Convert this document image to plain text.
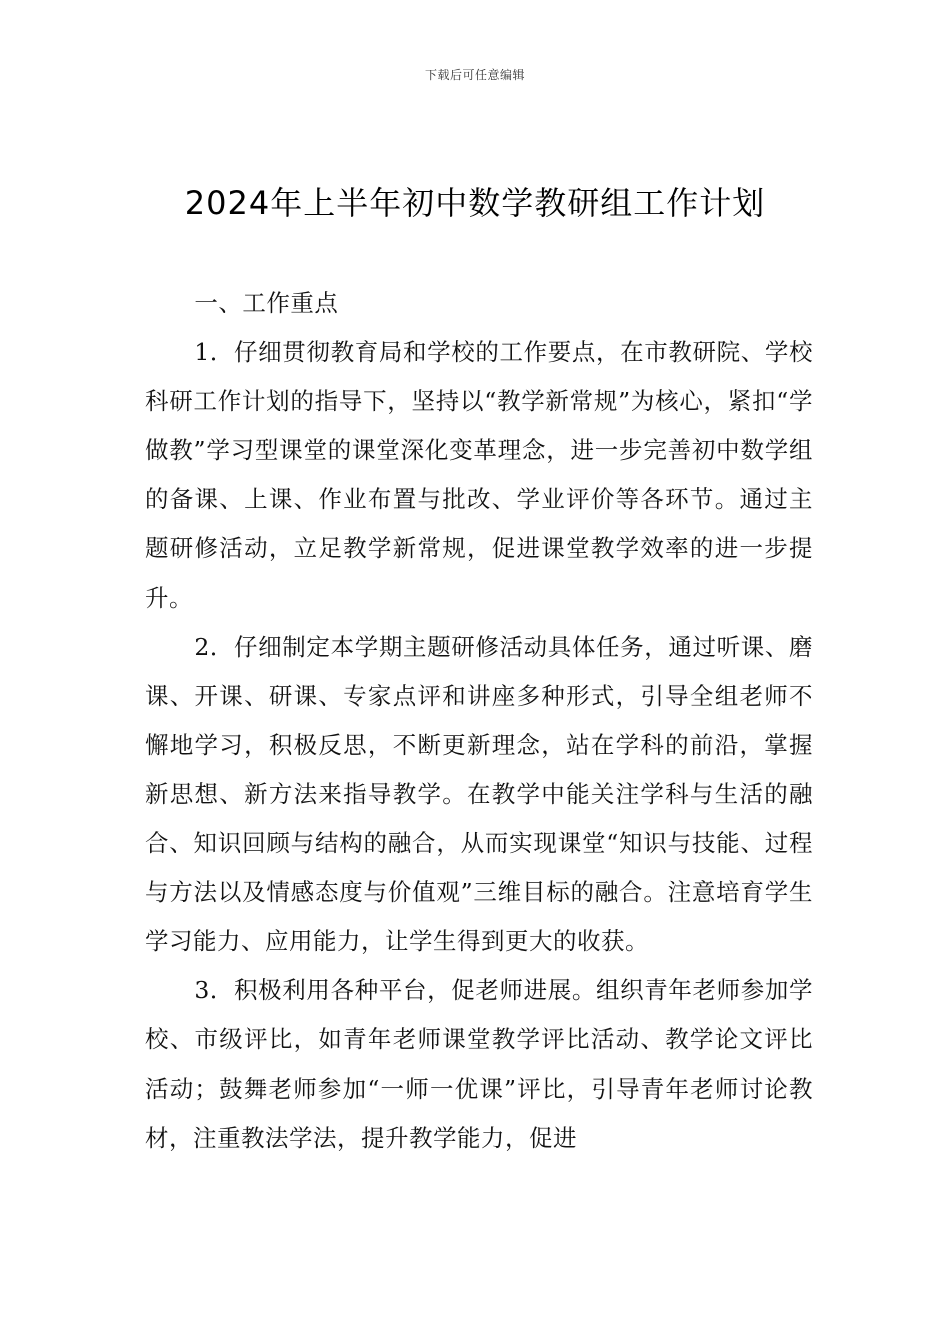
下载后可任意编辑
2024年上半年初中数学教研组工作计划

一、工作重点

1．仔细贯彻教育局和学校的工作要点，在市教研院、学校科研工作计划的指导下，坚持以“教学新常规”为核心，紧扣“学做教”学习型课堂的课堂深化变革理念，进一步完善初中数学组的备课、上课、作业布置与批改、学业评价等各环节。通过主题研修活动，立足教学新常规，促进课堂教学效率的进一步提升。

2．仔细制定本学期主题研修活动具体任务，通过听课、磨课、开课、研课、专家点评和讲座多种形式，引导全组老师不懈地学习，积极反思，不断更新理念，站在学科的前沿，掌握新思想、新方法来指导教学。在教学中能关注学科与生活的融合、知识回顾与结构的融合，从而实现课堂“知识与技能、过程与方法以及情感态度与价值观”三维目标的融合。注意培育学生学习能力、应用能力，让学生得到更大的收获。

3．积极利用各种平台，促老师进展。组织青年老师参加学校、市级评比，如青年老师课堂教学评比活动、教学论文评比活动；鼓舞老师参加“一师一优课”评比，引导青年老师讨论教材，注重教法学法，提升教学能力，促进
